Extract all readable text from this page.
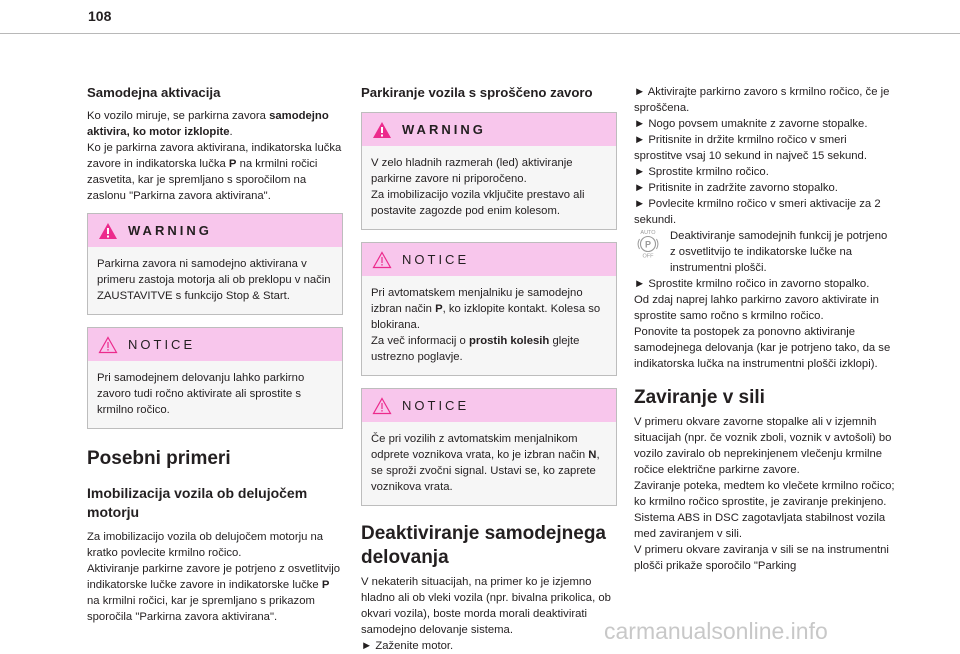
108
Samodejna aktivacija

Ko vozilo miruje, se parkirna zavora samodejno aktivira, ko motor izklopite.

Ko je parkirna zavora aktivirana, indikatorska lučka zavore in indikatorska lučka P na krmilni ročici zasvetita, kar je spremljano s sporočilom na zaslonu "Parkirna zavora aktivirana".

WARNING

Parkirna zavora ni samodejno aktivirana v primeru zastoja motorja ali ob preklopu v način ZAUSTAVITVE s funkcijo Stop & Start.

NOTICE

Pri samodejnem delovanju lahko parkirno zavoro tudi ročno aktivirate ali sprostite s krmilno ročico.

Posebni primeri
Imobilizacija vozila ob delujočem motorju

Za imobilizacijo vozila ob delujočem motorju na kratko povlecite krmilno ročico.

Aktiviranje parkirne zavore je potrjeno z osvetlitvijo indikatorske lučke zavore in indikatorske lučke P na krmilni ročici, kar je spremljano s prikazom sporočila "Parkirna zavora aktivirana".

Parkiranje vozila s sproščeno zavoro
WARNING

V zelo hladnih razmerah (led) aktiviranje parkirne zavore ni priporočeno.

Za imobilizacijo vozila vključite prestavo ali postavite zagozde pod enim kolesom.

NOTICE

Pri avtomatskem menjalniku je samodejno izbran način P, ko izklopite kontakt. Kolesa so blokirana.

Za več informacij o prostih kolesih glejte ustrezno poglavje.

NOTICE

Če pri vozilih z avtomatskim menjalnikom odprete voznikova vrata, ko je izbran način N, se sproži zvočni signal. Ustavi se, ko zaprete voznikova vrata.

Deaktiviranje samodejnega delovanja

V nekaterih situacijah, na primer ko je izjemno hladno ali ob vleki vozila (npr. bivalna prikolica, ob okvari vozila), boste morda morali deaktivirati samodejno delovanje sistema.

► Zaženite motor.

► Aktivirajte parkirno zavoro s krmilno ročico, če je sproščena.

► Nogo povsem umaknite z zavorne stopalke.

► Pritisnite in držite krmilno ročico v smeri sprostitve vsaj 10 sekund in največ 15 sekund.

► Sprostite krmilno ročico.

► Pritisnite in zadržite zavorno stopalko.

► Povlecite krmilno ročico v smeri aktivacije za 2 sekundi.

AUTO
P
OFF

Deaktiviranje samodejnih funkcij je potrjeno z osvetlitvijo te indikatorske lučke na instrumentni plošči.

► Sprostite krmilno ročico in zavorno stopalko.

Od zdaj naprej lahko parkirno zavoro aktivirate in sprostite samo ročno s krmilno ročico.

Ponovite ta postopek za ponovno aktiviranje samodejnega delovanja (kar je potrjeno tako, da se indikatorska lučka na instrumentni plošči izklopi).

Zaviranje v sili

V primeru okvare zavorne stopalke ali v izjemnih situacijah (npr. če voznik zboli, voznik v avtošoli) bo vozilo zaviralo ob neprekinjenem vlečenju krmilne ročice električne parkirne zavore.

Zaviranje poteka, medtem ko vlečete krmilno ročico; ko krmilno ročico sprostite, je zaviranje prekinjeno.

Sistema ABS in DSC zagotavljata stabilnost vozila med zaviranjem v sili.

V primeru okvare zaviranja v sili se na instrumentni plošči prikaže sporočilo "Parking

carmanualsonline.info
